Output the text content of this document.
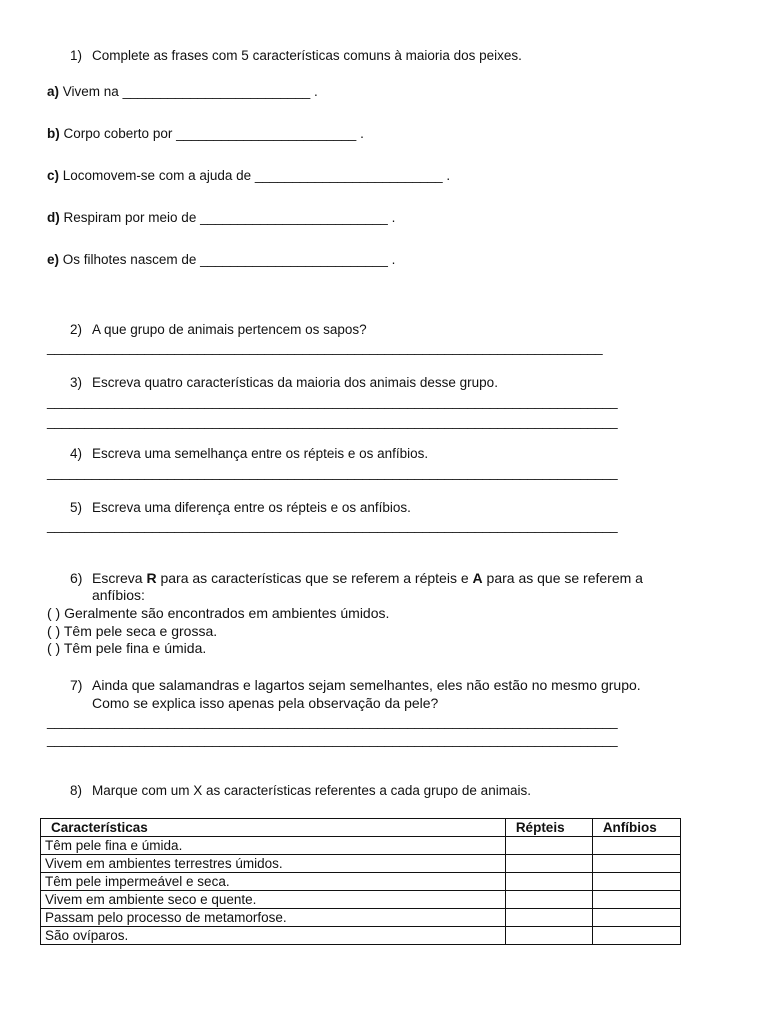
1) Complete as frases com 5 características comuns à maioria dos peixes.
a) Vivem na _________________________ .
b) Corpo coberto por ________________________ .
c) Locomovem-se com a ajuda de _________________________ .
d) Respiram por meio de _________________________ .
e) Os filhotes nascem de _________________________ .
2) A que grupo de animais pertencem os sapos?
__________________________________________________________________________
3) Escreva quatro características da maioria dos animais desse grupo.
____________________________________________________________________________
____________________________________________________________________________
4) Escreva uma semelhança entre os répteis e os anfíbios.
____________________________________________________________________________
5) Escreva uma diferença entre os répteis e os anfíbios.
____________________________________________________________________________
6) Escreva R para as características que se referem a répteis e A para as que se referem a
anfíbios:
( ) Geralmente são encontrados em ambientes úmidos.
( ) Têm pele seca e grossa.
( ) Têm pele fina e úmida.
7) Ainda que salamandras e lagartos sejam semelhantes, eles não estão no mesmo grupo.
Como se explica isso apenas pela observação da pele?
____________________________________________________________________________
____________________________________________________________________________
8) Marque com um X as características referentes a cada grupo de animais.
Características	Répteis	Anfíbios
Têm pele fina e úmida.		
Vivem em ambientes terrestres úmidos.		
Têm pele impermeável e seca.		
Vivem em ambiente seco e quente.		
Passam pelo processo de metamorfose.		
São ovíparos.		
